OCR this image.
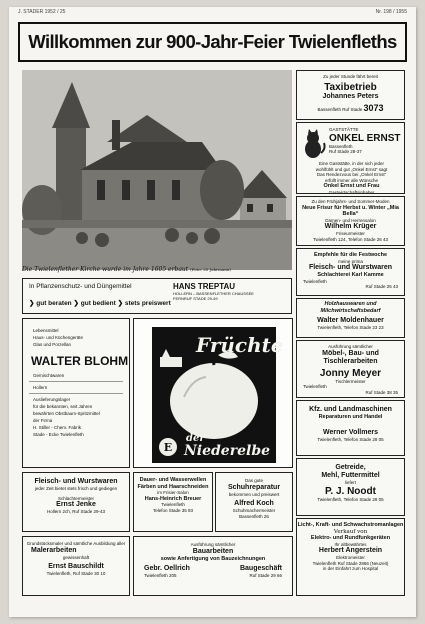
J. STADER 1952 / 25	Nr. 198 / 1955
Willkommen zur 900-Jahr-Feier Twielenfleths
Die Twielenflether Kirche wurde im Jahre 1605 erbaut (Foto: 25 Jahrmann)
In Pflanzenschutz- und Düngemittel	HANS TREPTAU
HOLLERN – BASSENFLETHER CHAUSSEE
FERNRUF STADE 29-49
❯ gut beraten ❯ gut bedient ❯ stets preiswert
Zu jeder Stunde fährt bereit
Taxibetrieb
Johannes Peters
Bassenfleth Ruf Stade 3073
GASTSTÄTTE
ONKEL ERNST
Bassenfleth
Ruf Stade 28-37
Eine Gaststätte, in der sich jeder
wohlfühlt und gut „Onkel Ernst“ sagt
Das Rendezvous bei „Onkel Ernst“
erfüllt immer alle Wünsche
Onkel Ernst und Frau
Gastwirtschaftsinhaber
Zu den Frühjahrs- und Sommer-Moden
Neue Frisur für Herbst u. Winter „Mia Bella“
Damen- und Herrensalon
Wilhelm Krüger
Friseurmeister
Twielenfleth 124, Telefon Stade 26 43
Empfehle für die Festwoche
meine prima
Fleisch- und Wurstwaren
Schlachterei Karl Kamme
Twielenfleth
Ruf Stade 25 43
Holzhauswaren und Milchwirtschaftsbedarf
Walter Moldenhauer
Twielenfleth, Telefon Stade 23 23
Ausführung sämtlicher
Möbel-, Bau- und Tischlerarbeiten
Jonny Meyer
Tischlermeister
Twielenfleth
Ruf Stade 38 35
Kfz. und Landmaschinen
Reparaturen und Handel
Werner Vollmers
Twielenfleth, Telefon Stade 28 05
Getreide,
Mehl, Futtermittel
liefert
P. J. Noodt
Twielenfleth, Telefon Stade 28 05
Licht-, Kraft- und Schwachstromanlagen
Verkauf von
Elektro- und Rundfunkgeräten
Ihr altbewährtes
Herbert Angerstein
Elektromeister
Twielenfleth Ruf Stade 2866 (Neuzeit)
in der Einfahrt zum Hospital

Lebensmittel

Haus- und Küchengeräte

Glas und Porzellan

WALTER BLOHM

Gemischtwaren

Hollern

Auslieferungslager

für die bekannten, seit Jahren

bewährten Obstbaum-Spritzmittel

der Firma

H. Stiller - Chem. Fabrik

Stade - Ecke Twielenfleth

E
Früchte
der
Niederelbe
Fleisch- und Wurstwaren
jeder Zeit bietet stets frisch und gediegen
Schlachtermeister
Ernst Jenke
Hollern 2ch, Ruf Stade 29-43
Dauer- und Wasserwellen Färben und Haarschneiden
im Frisier-Salon
Hans-Heinrich Breuer
Twielenfleth
Telefon Stade 35 93
Das gute
Schuhreparatur
bekommen und preiswert
Alfred Koch
Schuhmachermeister
Bassenfleth 26
Grundstücksmaler und sämtliche Ausbildung aller
Malerarbeiten
gewissenhaft
Ernst Bauschildt
Twielenfleth, Ruf Stade 30 10
Ausführung sämtlicher
Bauarbeiten
sowie Anfertigung von Bauzeichnungen
Gebr. Oellrich
Twielenfleth 205
Baugeschäft
Ruf Stade 29 66
